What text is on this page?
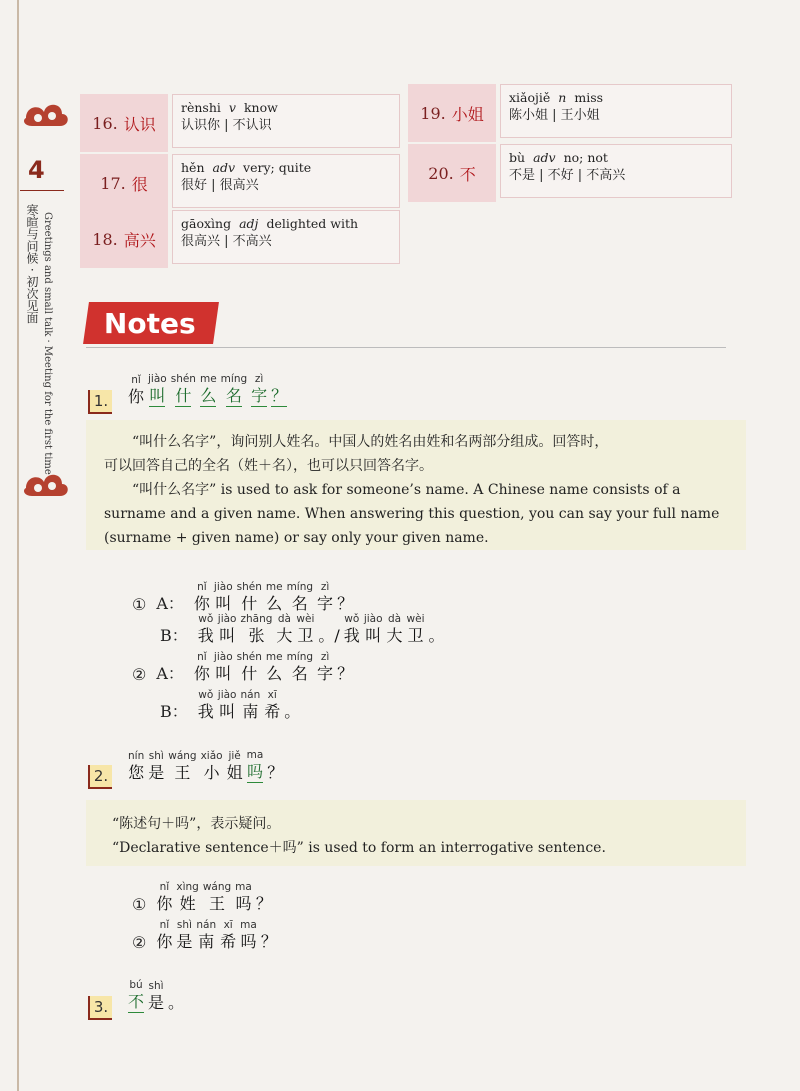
4
寒暄与问候 · 初次见面 Greetings and small talk · Meeting for the first time
16. 认识
rènshi v know
认识你 | 不认识
17. 很
hěn adv very; quite
很好 | 很高兴
18. 高兴
gāoxìng adj delighted with
很高兴 | 不高兴
19. 小姐
xiǎojiě n miss
陈小姐 | 王小姐
20. 不
bù adv no; not
不是 | 不好 | 不高兴
Notes
1.
nǐ
你
jiào
叫
shén
什
me
么
míng
名
zì
字 ？
“叫什么名字”，询问别人姓名。中国人的姓名由姓和名两部分组成。回答时，
可以回答自己的全名（姓＋名），也可以只回答名字。
“叫什么名字” is used to ask for someone’s name. A Chinese name consists of a
surname and a given name. When answering this question, you can say your full name
(surname + given name) or say only your given name.
① A：
nǐ
你
jiào
叫
shén
什
me
么
míng
名
zì
字 ？
B：
wǒ
我
jiào
叫
zhāng
张
dà
大
wèi
卫 。/
wǒ
我
jiào
叫
dà
大
wèi
卫 。
② A：
nǐ
你
jiào
叫
shén
什
me
么
míng
名
zì
字 ？
B：
wǒ
我
jiào
叫
nán
南
xī
希 。
2.
nín
您
shì
是
wáng
王
xiǎo
小
jiě
姐
ma
吗 ？
“陈述句＋吗”，表示疑问。
“Declarative sentence＋吗” is used to form an interrogative sentence.
①
nǐ
你
xìng
姓
wáng
王
ma
吗 ？
②
nǐ
你
shì
是
nán
南
xī
希
ma
吗 ？
3.
bú
不
shì
是 。
